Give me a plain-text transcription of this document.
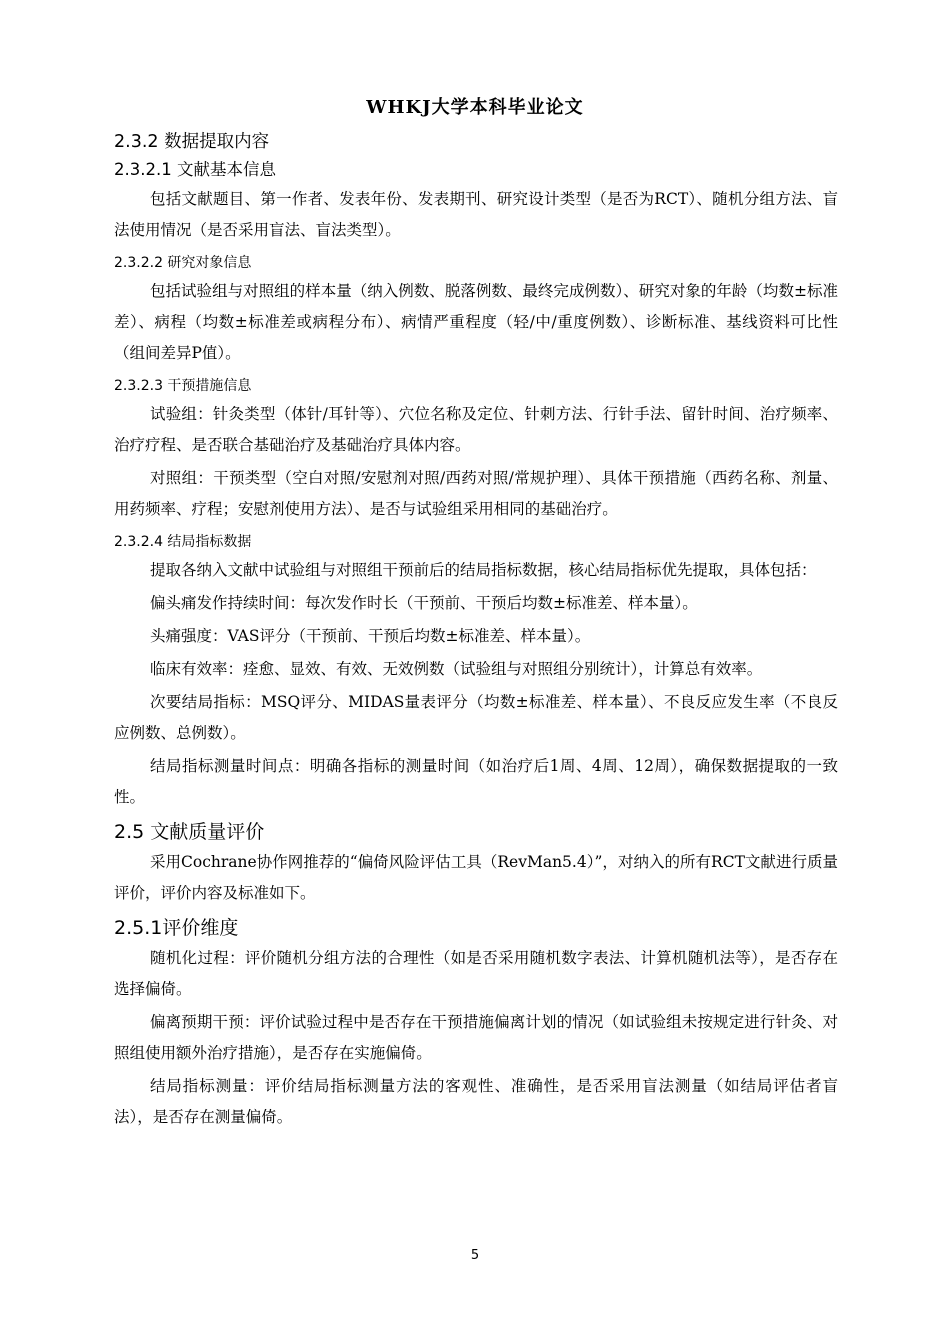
WHKJ大学本科毕业论文
2.3.2 数据提取内容
2.3.2.1 文献基本信息

包括文献题目、第一作者、发表年份、发表期刊、研究设计类型（是否为RCT）、随机分组方法、盲法使用情况（是否采用盲法、盲法类型）。

2.3.2.2 研究对象信息

包括试验组与对照组的样本量（纳入例数、脱落例数、最终完成例数）、研究对象的年龄（均数±标准差）、病程（均数±标准差或病程分布）、病情严重程度（轻/中/重度例数）、诊断标准、基线资料可比性（组间差异P值）。

2.3.2.3 干预措施信息

试验组：针灸类型（体针/耳针等）、穴位名称及定位、针刺方法、行针手法、留针时间、治疗频率、治疗疗程、是否联合基础治疗及基础治疗具体内容。

对照组：干预类型（空白对照/安慰剂对照/西药对照/常规护理）、具体干预措施（西药名称、剂量、用药频率、疗程；安慰剂使用方法）、是否与试验组采用相同的基础治疗。

2.3.2.4 结局指标数据

提取各纳入文献中试验组与对照组干预前后的结局指标数据，核心结局指标优先提取，具体包括：

偏头痛发作持续时间：每次发作时长（干预前、干预后均数±标准差、样本量）。

头痛强度：VAS评分（干预前、干预后均数±标准差、样本量）。

临床有效率：痊愈、显效、有效、无效例数（试验组与对照组分别统计），计算总有效率。

次要结局指标：MSQ评分、MIDAS量表评分（均数±标准差、样本量）、不良反应发生率（不良反应例数、总例数）。

结局指标测量时间点：明确各指标的测量时间（如治疗后1周、4周、12周），确保数据提取的一致性。

2.5 文献质量评价

采用Cochrane协作网推荐的“偏倚风险评估工具（RevMan5.4）”，对纳入的所有RCT文献进行质量评价，评价内容及标准如下。

2.5.1评价维度

随机化过程：评价随机分组方法的合理性（如是否采用随机数字表法、计算机随机法等），是否存在选择偏倚。

偏离预期干预：评价试验过程中是否存在干预措施偏离计划的情况（如试验组未按规定进行针灸、对照组使用额外治疗措施），是否存在实施偏倚。

结局指标测量：评价结局指标测量方法的客观性、准确性，是否采用盲法测量（如结局评估者盲法），是否存在测量偏倚。

5
